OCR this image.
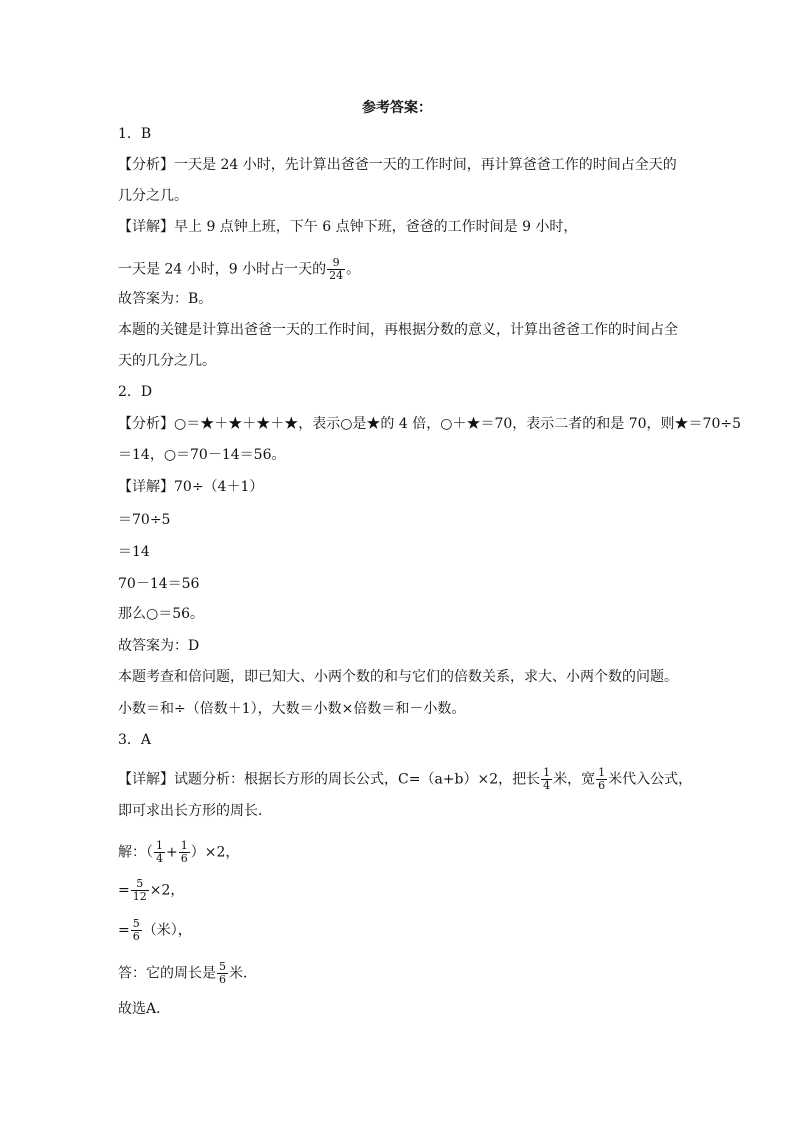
参考答案：
1．B
【分析】一天是 24 小时，先计算出爸爸一天的工作时间，再计算爸爸工作的时间占全天的
几分之几。
【详解】早上 9 点钟上班，下午 6 点钟下班，爸爸的工作时间是 9 小时，
故答案为：B。
本题的关键是计算出爸爸一天的工作时间，再根据分数的意义，计算出爸爸工作的时间占全
天的几分之几。
2．D
【分析】○＝★＋★＋★＋★，表示○是★的 4 倍，○＋★＝70，表示二者的和是 70，则★＝70÷5
＝14，○＝70－14＝56。
【详解】70÷（4＋1）
＝70÷5
＝14
70－14＝56
那么○＝56。
故答案为：D
本题考查和倍问题，即已知大、小两个数的和与它们的倍数关系，求大、小两个数的问题。
小数＝和÷（倍数＋1），大数＝小数×倍数＝和－小数。
3．A
即可求出长方形的周长．
故选A．
一天是 24 小时，9 小时占一天的 $\frac{9}{24}$ 。
【详解】试题分析：根据长方形的周长公式，C=（a+b）×2，把长 $\frac{1}{4}$ 米，宽 $\frac{1}{6}$ 米代入公式，
解：（ $\frac{1}{4} + \frac{1}{6} )\times 2$，
= $\frac{5}{12} \times 2$，
= $\frac{5}{6}$ （米），
答：它的周长是 $\frac{5}{6}$ 米．
